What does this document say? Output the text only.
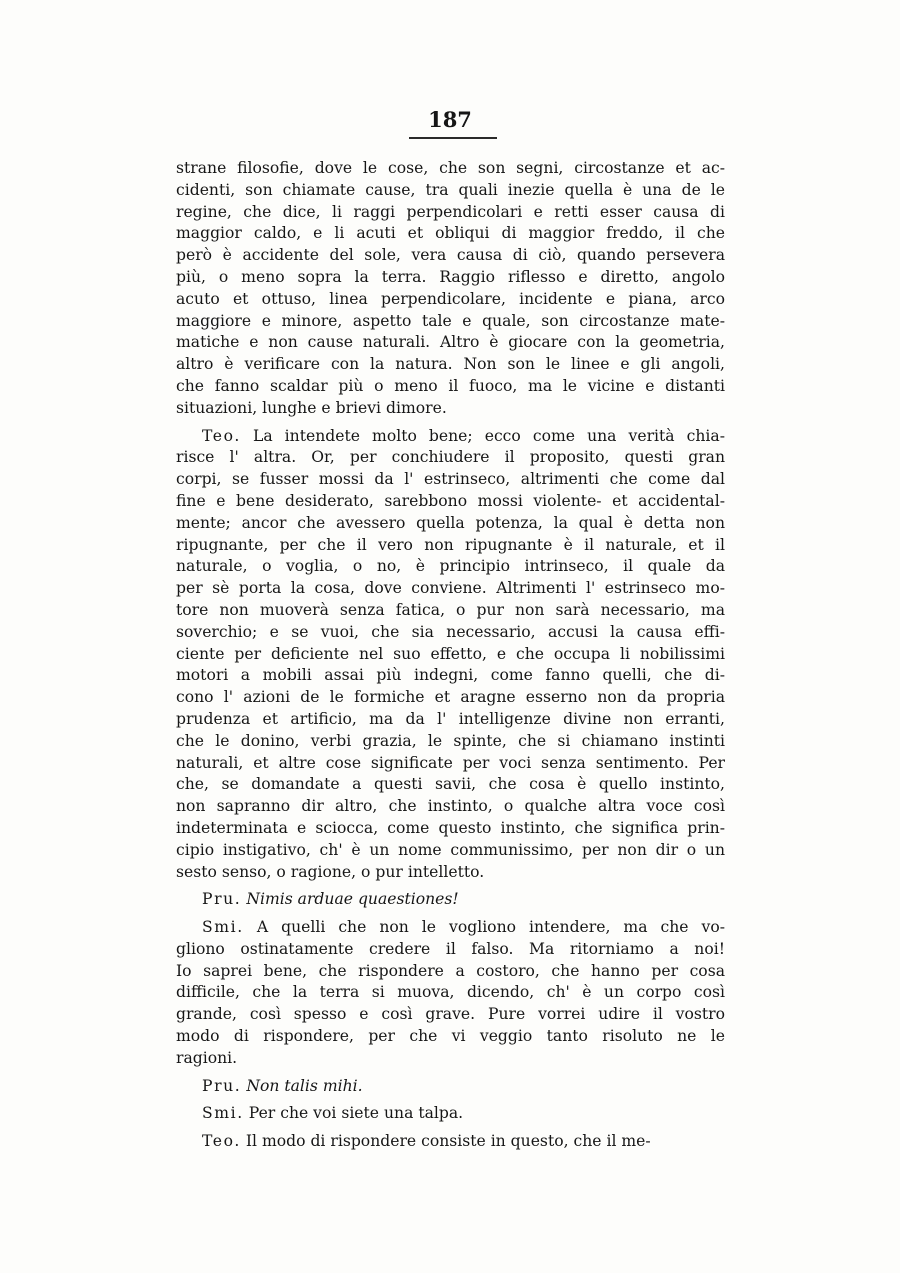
187
strane filosofie, dove le cose, che son segni, circostanze et ac-
cidenti, son chiamate cause, tra quali inezie quella è una de le
regine, che dice, li raggi perpendicolari e retti esser causa di
maggior caldo, e li acuti et obliqui di maggior freddo, il che
però è accidente del sole, vera causa di ciò, quando persevera
più, o meno sopra la terra. Raggio riflesso e diretto, angolo
acuto et ottuso, linea perpendicolare, incidente e piana, arco
maggiore e minore, aspetto tale e quale, son circostanze mate-
matiche e non cause naturali. Altro è giocare con la geometria,
altro è verificare con la natura. Non son le linee e gli angoli,
che fanno scaldar più o meno il fuoco, ma le vicine e distanti
situazioni, lunghe e brievi dimore.
Teo. La intendete molto bene; ecco come una verità chia-
risce l' altra. Or, per conchiudere il proposito, questi gran
corpi, se fusser mossi da l' estrinseco, altrimenti che come dal
fine e bene desiderato, sarebbono mossi violente- et accidental-
mente; ancor che avessero quella potenza, la qual è detta non
ripugnante, per che il vero non ripugnante è il naturale, et il
naturale, o voglia, o no, è principio intrinseco, il quale da
per sè porta la cosa, dove conviene. Altrimenti l' estrinseco mo-
tore non muoverà senza fatica, o pur non sarà necessario, ma
soverchio; e se vuoi, che sia necessario, accusi la causa effi-
ciente per deficiente nel suo effetto, e che occupa li nobilissimi
motori a mobili assai più indegni, come fanno quelli, che di-
cono l' azioni de le formiche et aragne esserno non da propria
prudenza et artificio, ma da l' intelligenze divine non erranti,
che le donino, verbi grazia, le spinte, che si chiamano instinti
naturali, et altre cose significate per voci senza sentimento. Per
che, se domandate a questi savii, che cosa è quello instinto,
non sapranno dir altro, che instinto, o qualche altra voce così
indeterminata e sciocca, come questo instinto, che significa prin-
cipio instigativo, ch' è un nome communissimo, per non dir o un
sesto senso, o ragione, o pur intelletto.
Pru. Nimis arduae quaestiones!
Smi. A quelli che non le vogliono intendere, ma che vo-
gliono ostinatamente credere il falso. Ma ritorniamo a noi!
Io saprei bene, che rispondere a costoro, che hanno per cosa
difficile, che la terra si muova, dicendo, ch' è un corpo così
grande, così spesso e così grave. Pure vorrei udire il vostro
modo di rispondere, per che vi veggio tanto risoluto ne le
ragioni.
Pru. Non talis mihi.
Smi. Per che voi siete una talpa.
Teo. Il modo di rispondere consiste in questo, che il me-
